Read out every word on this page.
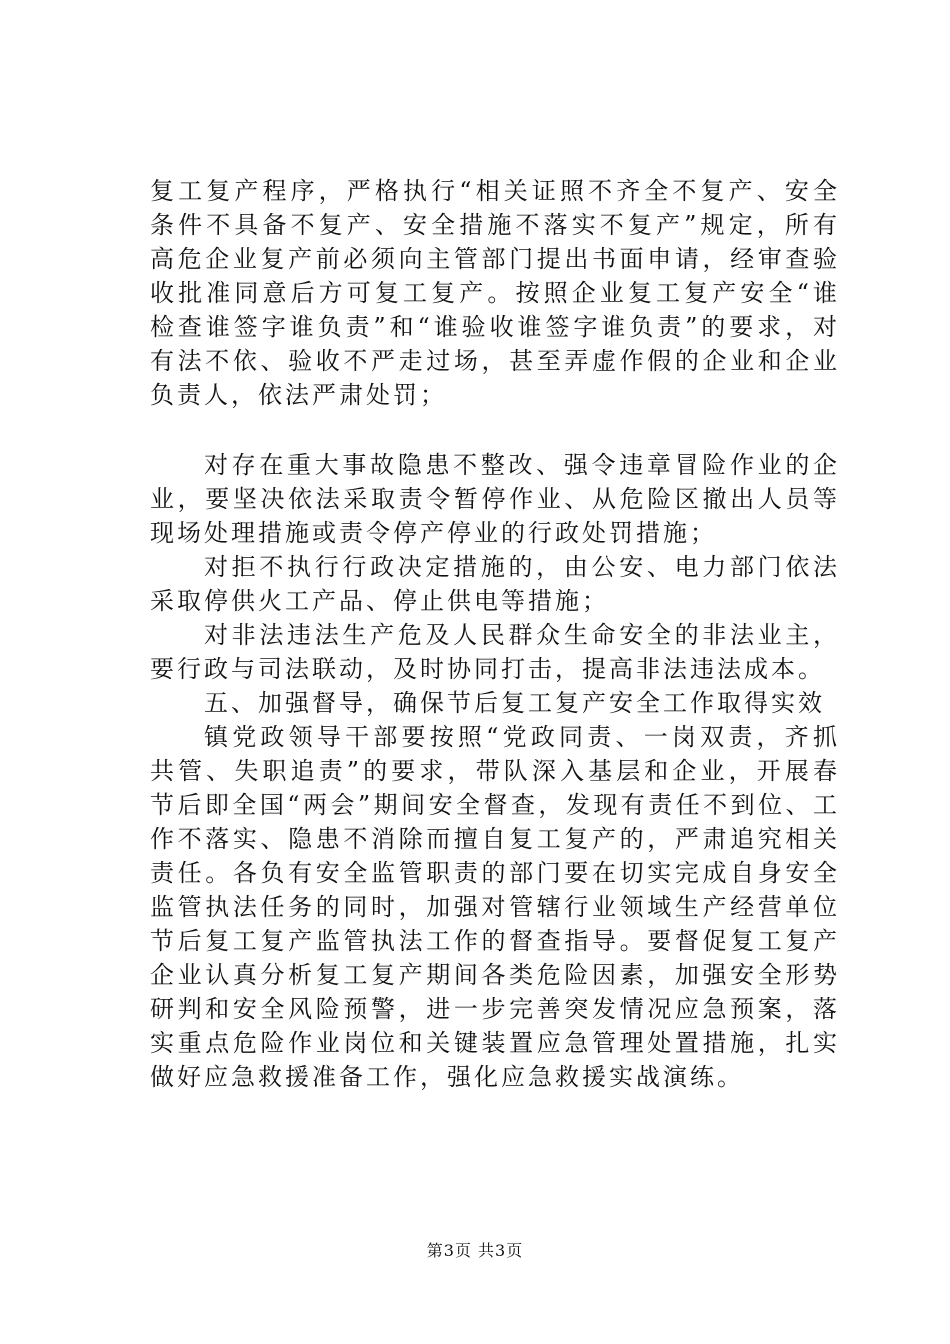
复工复产程序，严格执行“相关证照不齐全不复产、安全条件不具备不复产、安全措施不落实不复产”规定，所有高危企业复产前必须向主管部门提出书面申请，经审查验收批准同意后方可复工复产。按照企业复工复产安全“谁检查谁签字谁负责”和“谁验收谁签字谁负责”的要求，对有法不依、验收不严走过场，甚至弄虚作假的企业和企业负责人，依法严肃处罚；

对存在重大事故隐患不整改、强令违章冒险作业的企业，要坚决依法采取责令暂停作业、从危险区撤出人员等现场处理措施或责令停产停业的行政处罚措施；

对拒不执行行政决定措施的，由公安、电力部门依法采取停供火工产品、停止供电等措施；

对非法违法生产危及人民群众生命安全的非法业主，要行政与司法联动，及时协同打击，提高非法违法成本。

五、加强督导，确保节后复工复产安全工作取得实效

镇党政领导干部要按照“党政同责、一岗双责，齐抓共管、失职追责”的要求，带队深入基层和企业，开展春节后即全国“两会”期间安全督查，发现有责任不到位、工作不落实、隐患不消除而擅自复工复产的，严肃追究相关责任。各负有安全监管职责的部门要在切实完成自身安全监管执法任务的同时，加强对管辖行业领域生产经营单位节后复工复产监管执法工作的督查指导。要督促复工复产企业认真分析复工复产期间各类危险因素，加强安全形势研判和安全风险预警，进一步完善突发情况应急预案，落实重点危险作业岗位和关键装置应急管理处置措施，扎实做好应急救援准备工作，强化应急救援实战演练。

第3页 共3页
